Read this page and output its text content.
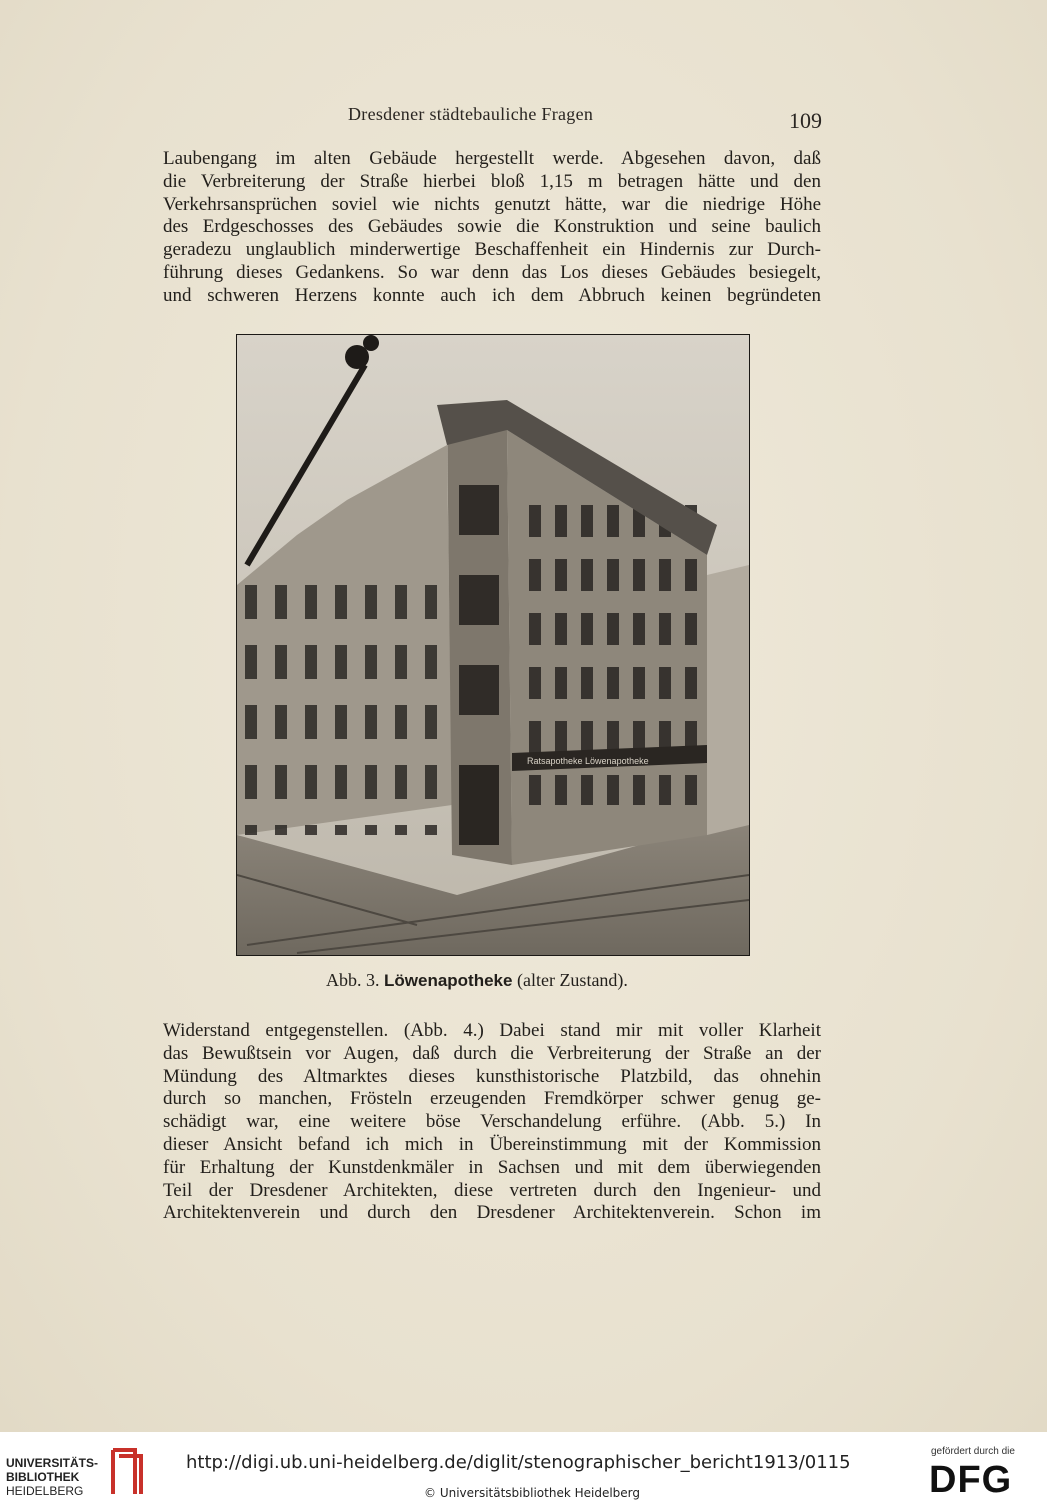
Dresdener städtebauliche Fragen	109
Laubengang im alten Gebäude hergestellt werde. Abgesehen davon, daß
die Verbreiterung der Straße hierbei bloß 1,15 m betragen hätte und den
Verkehrsansprüchen soviel wie nichts genutzt hätte, war die niedrige Höhe
des Erdgeschosses des Gebäudes sowie die Konstruktion und seine baulich
geradezu unglaublich minderwertige Beschaffenheit ein Hindernis zur Durch-
führung dieses Gedankens. So war denn das Los dieses Gebäudes besiegelt,
und schweren Herzens konnte auch ich dem Abbruch keinen begründeten
Ratsapotheke Löwenapotheke
Abb. 3. Löwenapotheke (alter Zustand).
Widerstand entgegenstellen. (Abb. 4.) Dabei stand mir mit voller Klarheit
das Bewußtsein vor Augen, daß durch die Verbreiterung der Straße an der
Mündung des Altmarktes dieses kunsthistorische Platzbild, das ohnehin
durch so manchen, Frösteln erzeugenden Fremdkörper schwer genug ge-
schädigt war, eine weitere böse Verschandelung erführe. (Abb. 5.) In
dieser Ansicht befand ich mich in Übereinstimmung mit der Kommission
für Erhaltung der Kunstdenkmäler in Sachsen und mit dem überwiegenden
Teil der Dresdener Architekten, diese vertreten durch den Ingenieur- und
Architektenverein und durch den Dresdener Architektenverein. Schon im
UNIVERSITÄTS-
BIBLIOTHEK
HEIDELBERG
http://digi.ub.uni-heidelberg.de/diglit/stenographischer_bericht1913/0115
© Universitätsbibliothek Heidelberg
gefördert durch die
DFG
